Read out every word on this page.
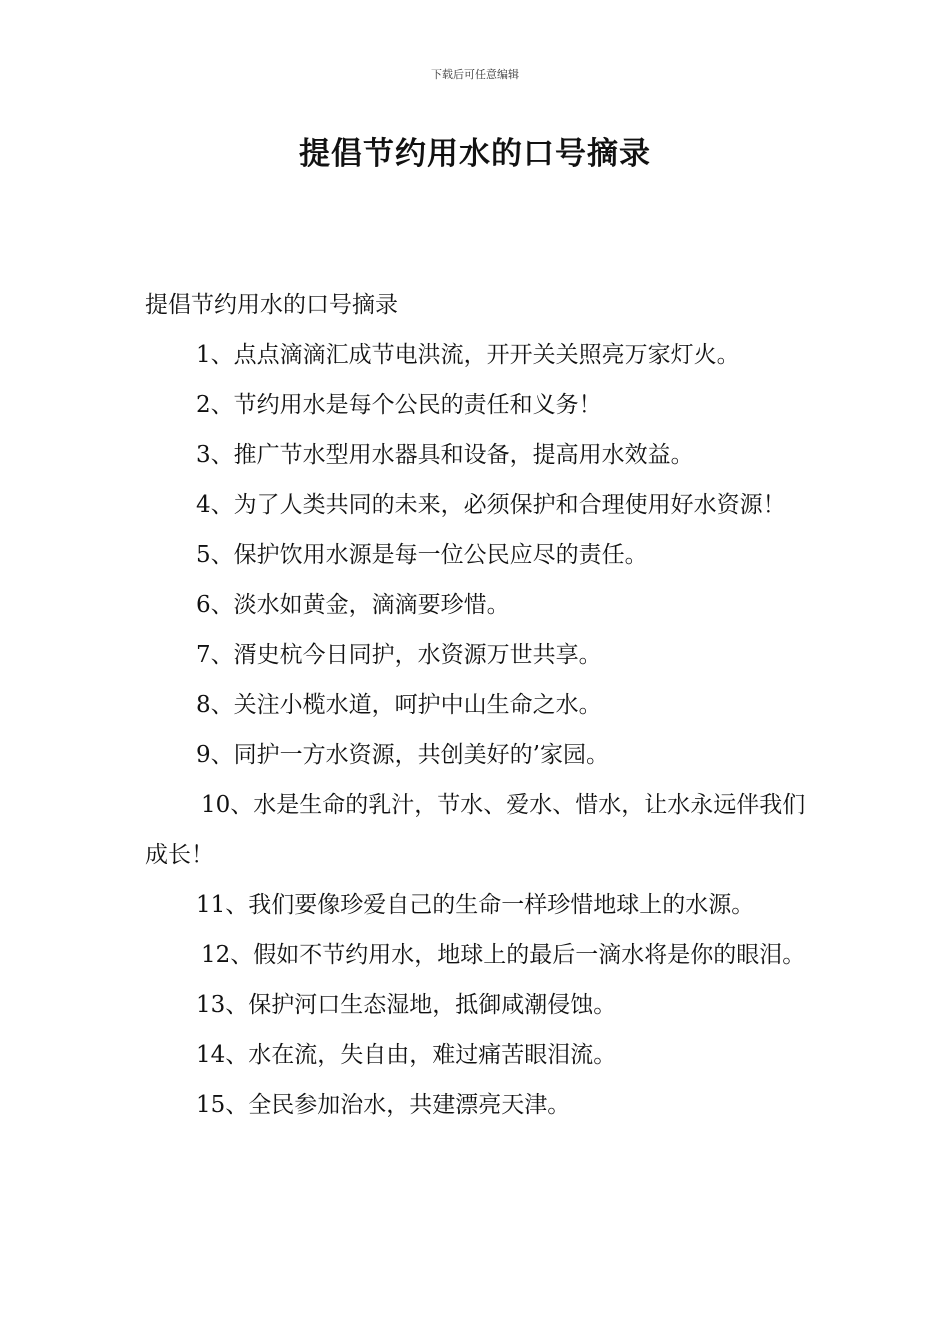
下载后可任意编辑
提倡节约用水的口号摘录

提倡节约用水的口号摘录

1、点点滴滴汇成节电洪流，开开关关照亮万家灯火。

2、节约用水是每个公民的责任和义务！

3、推广节水型用水器具和设备，提高用水效益。

4、为了人类共同的未来，必须保护和合理使用好水资源！

5、保护饮用水源是每一位公民应尽的责任。

6、淡水如黄金，滴滴要珍惜。

7、湑史杭今日同护，水资源万世共享。

8、关注小榄水道，呵护中山生命之水。

9、同护一方水资源，共创美好的’家园。

10、水是生命的乳汁，节水、爱水、惜水，让水永远伴我们成长！

11、我们要像珍爱自己的生命一样珍惜地球上的水源。

12、假如不节约用水，地球上的最后一滴水将是你的眼泪。

13、保护河口生态湿地，抵御咸潮侵蚀。

14、水在流，失自由，难过痛苦眼泪流。

15、全民参加治水，共建漂亮天津。
